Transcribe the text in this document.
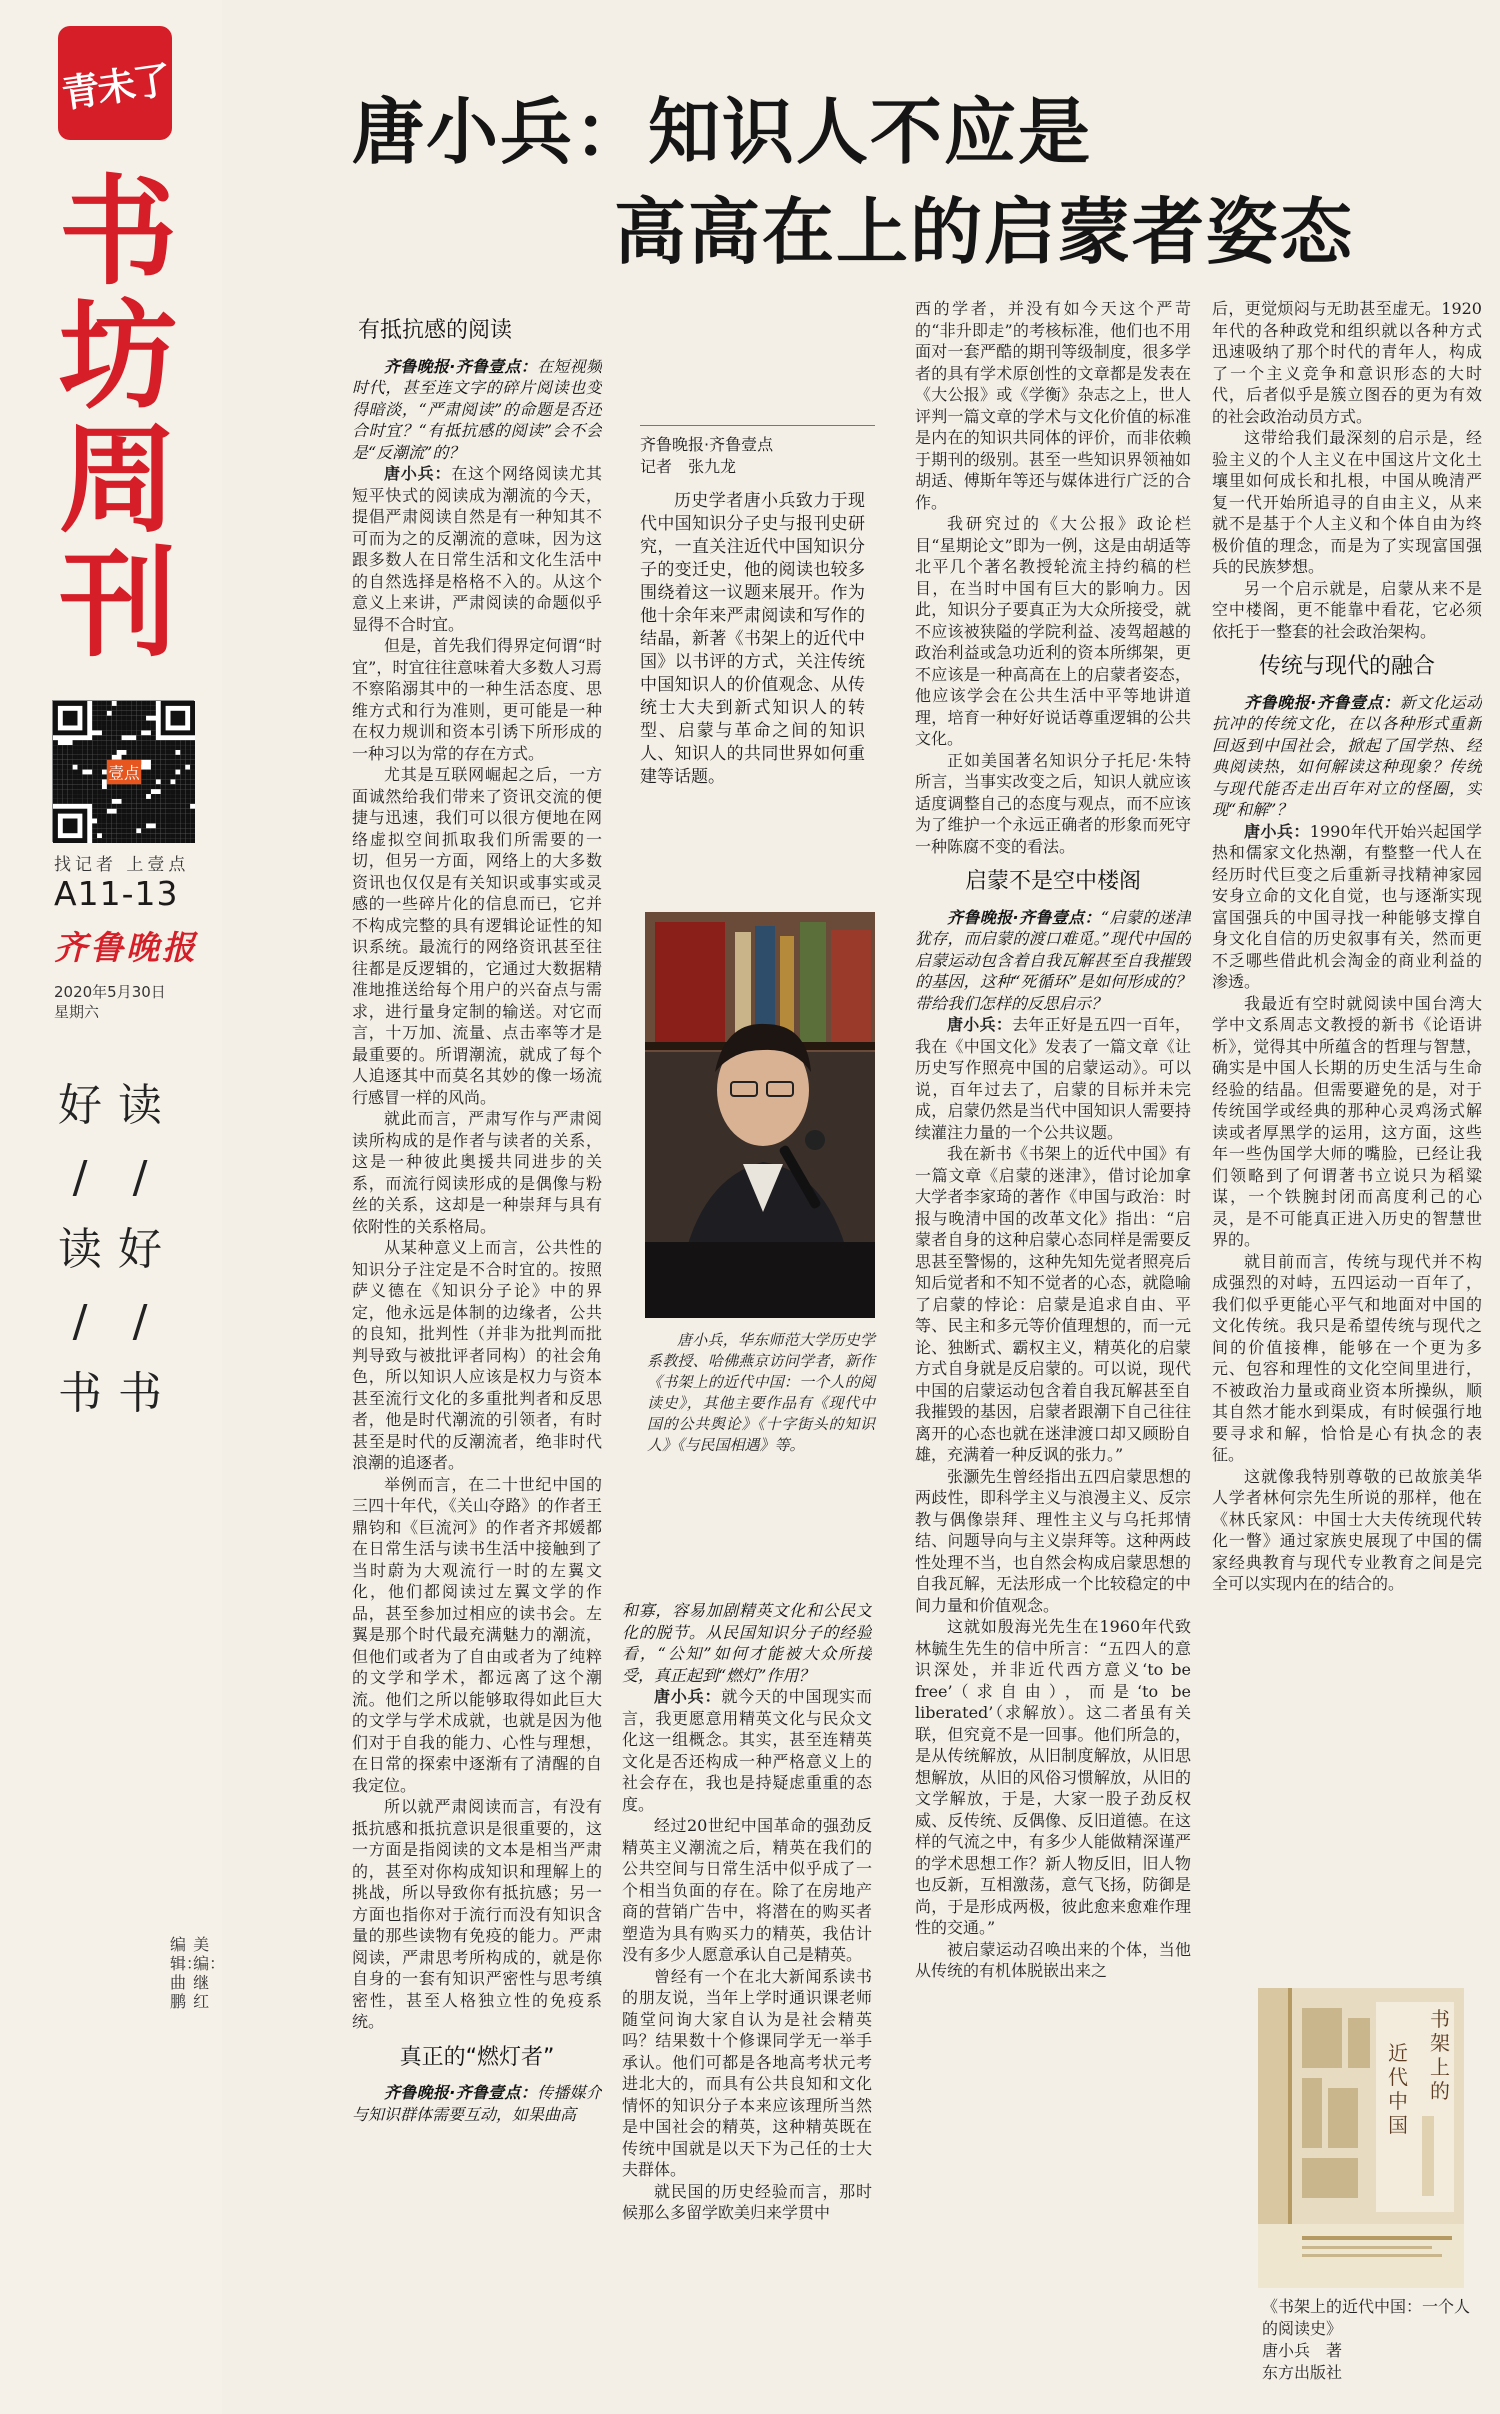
青未了
书
坊
周
刊
壹点
找记者 上壹点
A11-13
齐鲁晚报
2020年5月30日
星期六
好
/
读
/
书
读
/
好
/
书
编辑：曲鹏 美编：继红
唐小兵：知识人不应是
高高在上的启蒙者姿态
有抵抗感的阅读

齐鲁晚报·齐鲁壹点：在短视频时代，甚至连文字的碎片阅读也变得暗淡，“严肃阅读”的命题是否还合时宜？“有抵抗感的阅读”会不会是“反潮流”的？

唐小兵：在这个网络阅读尤其短平快式的阅读成为潮流的今天，提倡严肃阅读自然是有一种知其不可而为之的反潮流的意味，因为这跟多数人在日常生活和文化生活中的自然选择是格格不入的。从这个意义上来讲，严肃阅读的命题似乎显得不合时宜。

但是，首先我们得界定何谓“时宜”，时宜往往意味着大多数人习焉不察陷溺其中的一种生活态度、思维方式和行为准则，更可能是一种在权力规训和资本引诱下所形成的一种习以为常的存在方式。

尤其是互联网崛起之后，一方面诚然给我们带来了资讯交流的便捷与迅速，我们可以很方便地在网络虚拟空间抓取我们所需要的一切，但另一方面，网络上的大多数资讯也仅仅是有关知识或事实或灵感的一些碎片化的信息而已，它并不构成完整的具有逻辑论证性的知识系统。最流行的网络资讯甚至往往都是反逻辑的，它通过大数据精准地推送给每个用户的兴奋点与需求，进行量身定制的输送。对它而言，十万加、流量、点击率等才是最重要的。所谓潮流，就成了每个人追逐其中而莫名其妙的像一场流行感冒一样的风尚。

就此而言，严肃写作与严肃阅读所构成的是作者与读者的关系，这是一种彼此奥援共同进步的关系，而流行阅读形成的是偶像与粉丝的关系，这却是一种崇拜与具有依附性的关系格局。

从某种意义上而言，公共性的知识分子注定是不合时宜的。按照萨义德在《知识分子论》中的界定，他永远是体制的边缘者，公共的良知，批判性（并非为批判而批判导致与被批评者同构）的社会角色，所以知识人应该是权力与资本甚至流行文化的多重批判者和反思者，他是时代潮流的引领者，有时甚至是时代的反潮流者，绝非时代浪潮的追逐者。

举例而言，在二十世纪中国的三四十年代，《关山夺路》的作者王鼎钧和《巨流河》的作者齐邦媛都在日常生活与读书生活中接触到了当时蔚为大观流行一时的左翼文化，他们都阅读过左翼文学的作品，甚至参加过相应的读书会。左翼是那个时代最充满魅力的潮流，但他们或者为了自由或者为了纯粹的文学和学术，都远离了这个潮流。他们之所以能够取得如此巨大的文学与学术成就，也就是因为他们对于自我的能力、心性与理想，在日常的探索中逐渐有了清醒的自我定位。

所以就严肃阅读而言，有没有抵抗感和抵抗意识是很重要的，这一方面是指阅读的文本是相当严肃的，甚至对你构成知识和理解上的挑战，所以导致你有抵抗感；另一方面也指你对于流行而没有知识含量的那些读物有免疫的能力。严肃阅读，严肃思考所构成的，就是你自身的一套有知识严密性与思考缜密性，甚至人格独立性的免疫系统。

真正的“燃灯者”

齐鲁晚报·齐鲁壹点：传播媒介与知识群体需要互动，如果曲高

齐鲁晚报·齐鲁壹点
记者　张九龙

历史学者唐小兵致力于现代中国知识分子史与报刊史研究，一直关注近代中国知识分子的变迁史，他的阅读也较多围绕着这一议题来展开。作为他十余年来严肃阅读和写作的结晶，新著《书架上的近代中国》以书评的方式，关注传统中国知识人的价值观念、从传统士大夫到新式知识人的转型、启蒙与革命之间的知识人、知识人的共同世界如何重建等话题。

唐小兵，华东师范大学历史学系教授、哈佛燕京访问学者，新作《书架上的近代中国：一个人的阅读史》，其他主要作品有《现代中国的公共舆论》《十字街头的知识人》《与民国相遇》等。

和寡，容易加剧精英文化和公民文化的脱节。从民国知识分子的经验看，“公知”如何才能被大众所接受，真正起到“燃灯”作用？

唐小兵：就今天的中国现实而言，我更愿意用精英文化与民众文化这一组概念。其实，甚至连精英文化是否还构成一种严格意义上的社会存在，我也是持疑虑重重的态度。

经过20世纪中国革命的强劲反精英主义潮流之后，精英在我们的公共空间与日常生活中似乎成了一个相当负面的存在。除了在房地产商的营销广告中，将潜在的购买者塑造为具有购买力的精英，我估计没有多少人愿意承认自己是精英。

曾经有一个在北大新闻系读书的朋友说，当年上学时通识课老师随堂问询大家自认为是社会精英吗？结果数十个修课同学无一举手承认。他们可都是各地高考状元考进北大的，而具有公共良知和文化情怀的知识分子本来应该理所当然是中国社会的精英，这种精英既在传统中国就是以天下为己任的士大夫群体。

就民国的历史经验而言，那时候那么多留学欧美归来学贯中

西的学者，并没有如今天这个严苛的“非升即走”的考核标准，他们也不用面对一套严酷的期刊等级制度，很多学者的具有学术原创性的文章都是发表在《大公报》或《学衡》杂志之上，世人评判一篇文章的学术与文化价值的标准是内在的知识共同体的评价，而非依赖于期刊的级别。甚至一些知识界领袖如胡适、傅斯年等还与媒体进行广泛的合作。

我研究过的《大公报》政论栏目“星期论文”即为一例，这是由胡适等北平几个著名教授轮流主持约稿的栏目，在当时中国有巨大的影响力。因此，知识分子要真正为大众所接受，就不应该被狭隘的学院利益、凌驾超越的政治利益或急功近利的资本所绑架，更不应该是一种高高在上的启蒙者姿态，他应该学会在公共生活中平等地讲道理，培育一种好好说话尊重逻辑的公共文化。

正如美国著名知识分子托尼·朱特所言，当事实改变之后，知识人就应该适度调整自己的态度与观点，而不应该为了维护一个永远正确者的形象而死守一种陈腐不变的看法。

启蒙不是空中楼阁

齐鲁晚报·齐鲁壹点：“启蒙的迷津犹存，而启蒙的渡口难觅。”现代中国的启蒙运动包含着自我瓦解甚至自我摧毁的基因，这种“死循环”是如何形成的？带给我们怎样的反思启示？

唐小兵：去年正好是五四一百年，我在《中国文化》发表了一篇文章《让历史写作照亮中国的启蒙运动》。可以说，百年过去了，启蒙的目标并未完成，启蒙仍然是当代中国知识人需要持续灌注力量的一个公共议题。

我在新书《书架上的近代中国》有一篇文章《启蒙的迷津》，借讨论加拿大学者李家琦的著作《申国与政治：时报与晚清中国的改革文化》指出：“启蒙者自身的这种启蒙心态同样是需要反思甚至警惕的，这种先知先觉者照亮后知后觉者和不知不觉者的心态，就隐喻了启蒙的悖论：启蒙是追求自由、平等、民主和多元等价值理想的，而一元论、独断式、霸权主义，精英化的启蒙方式自身就是反启蒙的。可以说，现代中国的启蒙运动包含着自我瓦解甚至自我摧毁的基因，启蒙者跟潮下自己往往离开的心态也就在迷津渡口却又顾盼自雄，充满着一种反讽的张力。”

张灏先生曾经指出五四启蒙思想的两歧性，即科学主义与浪漫主义、反宗教与偶像崇拜、理性主义与乌托邦情结、问题导向与主义崇拜等。这种两歧性处理不当，也自然会构成启蒙思想的自我瓦解，无法形成一个比较稳定的中间力量和价值观念。

这就如殷海光先生在1960年代致林毓生先生的信中所言：“五四人的意识深处，并非近代西方意义‘to be free’（求自由），而是‘to be liberated’（求解放）。这二者虽有关联，但究竟不是一回事。他们所急的，是从传统解放，从旧制度解放，从旧思想解放，从旧的风俗习惯解放，从旧的文学解放，于是，大家一股子劲反权威、反传统、反偶像、反旧道德。在这样的气流之中，有多少人能做精深谨严的学术思想工作？新人物反旧，旧人物也反新，互相激荡，意气飞扬，防御是尚，于是形成两极，彼此愈来愈难作理性的交通。”

被启蒙运动召唤出来的个体，当他从传统的有机体脱嵌出来之

后，更觉烦闷与无助甚至虚无。1920年代的各种政党和组织就以各种方式迅速吸纳了那个时代的青年人，构成了一个主义竞争和意识形态的大时代，后者似乎是簇立图吞的更为有效的社会政治动员方式。

这带给我们最深刻的启示是，经验主义的个人主义在中国这片文化土壤里如何成长和扎根，中国从晚清严复一代开始所追寻的自由主义，从来就不是基于个人主义和个体自由为终极价值的理念，而是为了实现富国强兵的民族梦想。

另一个启示就是，启蒙从来不是空中楼阁，更不能靠中看花，它必须依托于一整套的社会政治架构。

传统与现代的融合

齐鲁晚报·齐鲁壹点：新文化运动抗冲的传统文化，在以各种形式重新回返到中国社会，掀起了国学热、经典阅读热，如何解读这种现象？传统与现代能否走出百年对立的怪圈，实现“和解”？

唐小兵：1990年代开始兴起国学热和儒家文化热潮，有整整一代人在经历时代巨变之后重新寻找精神家园安身立命的文化自觉，也与逐渐实现富国强兵的中国寻找一种能够支撑自身文化自信的历史叙事有关，然而更不乏哪些借此机会淘金的商业利益的渗透。

我最近有空时就阅读中国台湾大学中文系周志文教授的新书《论语讲析》，觉得其中所蕴含的哲理与智慧，确实是中国人长期的历史生活与生命经验的结晶。但需要避免的是，对于传统国学或经典的那种心灵鸡汤式解读或者厚黑学的运用，这方面，这些年一些伪国学大师的嘴脸，已经让我们领略到了何谓著书立说只为稻粱谋，一个铁腕封闭而高度利己的心灵，是不可能真正进入历史的智慧世界的。

就目前而言，传统与现代并不构成强烈的对峙，五四运动一百年了，我们似乎更能心平气和地面对中国的文化传统。我只是希望传统与现代之间的价值接榫，能够在一个更为多元、包容和理性的文化空间里进行，不被政治力量或商业资本所操纵，顺其自然才能水到渠成，有时候强行地要寻求和解，恰恰是心有执念的表征。

这就像我特别尊敬的已故旅美华人学者林何宗先生所说的那样，他在《林氏家风：中国士大夫传统现代转化一瞥》通过家族史展现了中国的儒家经典教育与现代专业教育之间是完全可以实现内在的结合的。

书
架
上
的
近
代
中
国
《书架上的近代中国：一个人的阅读史》
唐小兵　著
东方出版社
